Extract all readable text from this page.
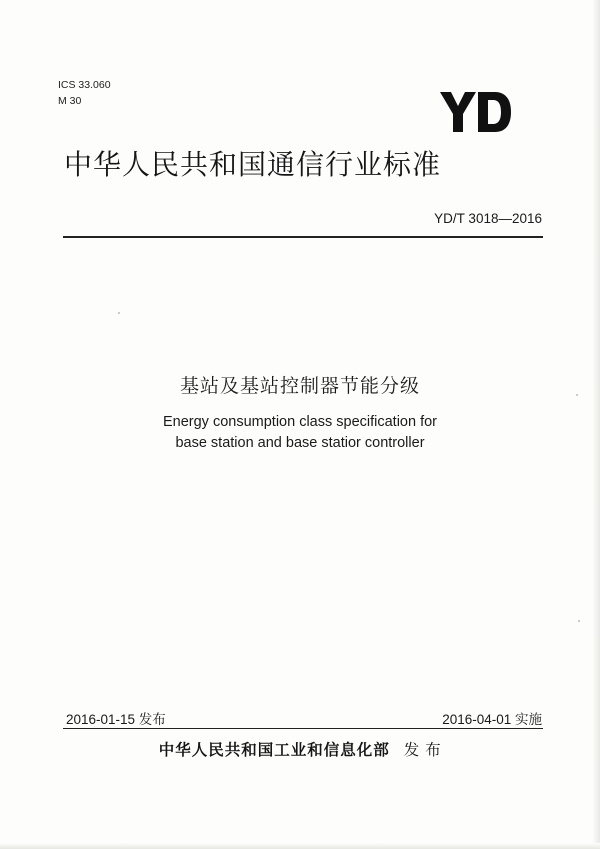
ICS 33.060
M 30
中华人民共和国通信行业标准
YD/T 3018—2016
基站及基站控制器节能分级
Energy consumption class specification for
base station and base statior controller
2016-01-15 发布	2016-04-01 实施
中华人民共和国工业和信息化部 发 布
